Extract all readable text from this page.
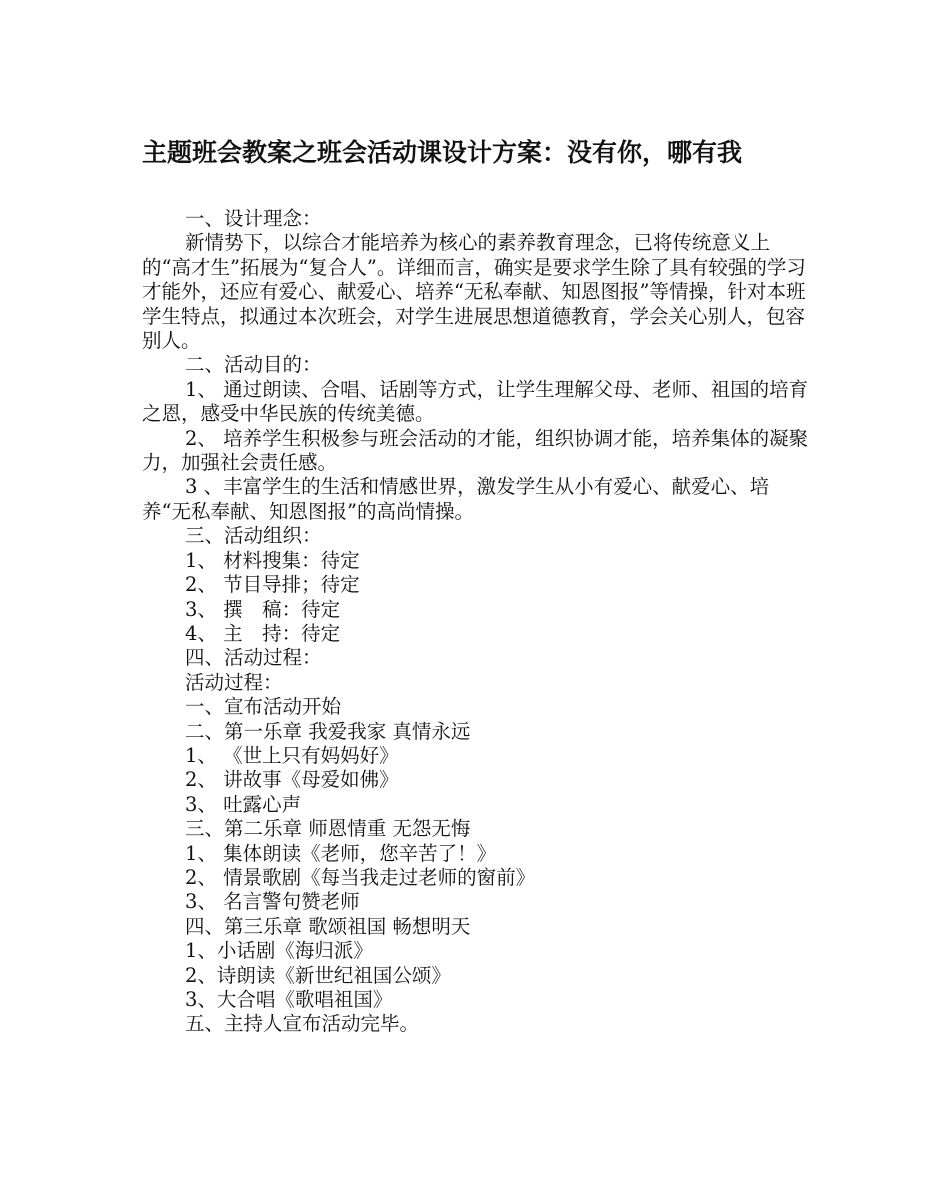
主题班会教案之班会活动课设计方案：没有你，哪有我

一、设计理念：

新情势下，以综合才能培养为核心的素养教育理念，已将传统意义上的“高才生”拓展为“复合人”。详细而言，确实是要求学生除了具有较强的学习才能外，还应有爱心、献爱心、培养“无私奉献、知恩图报”等情操，针对本班学生特点，拟通过本次班会，对学生进展思想道德教育，学会关心别人，包容别人。

二、活动目的：

1、 通过朗读、合唱、话剧等方式，让学生理解父母、老师、祖国的培育之恩，感受中华民族的传统美德。

2、 培养学生积极参与班会活动的才能，组织协调才能，培养集体的凝聚力，加强社会责任感。

3 、丰富学生的生活和情感世界，激发学生从小有爱心、献爱心、培养“无私奉献、知恩图报”的高尚情操。

三、活动组织：

1、 材料搜集：待定

2、 节目导排；待定

3、 撰　稿：待定

4、 主　持：待定

四、活动过程：

活动过程：

一、宣布活动开始

二、第一乐章 我爱我家 真情永远

1、 《世上只有妈妈好》

2、 讲故事《母爱如佛》

3、 吐露心声

三、第二乐章 师恩情重 无怨无悔

1、 集体朗读《老师，您辛苦了！》

2、 情景歌剧《每当我走过老师的窗前》

3、 名言警句赞老师

四、第三乐章 歌颂祖国 畅想明天

1、小话剧《海归派》

2、诗朗读《新世纪祖国公颂》

3、大合唱《歌唱祖国》

五、主持人宣布活动完毕。
